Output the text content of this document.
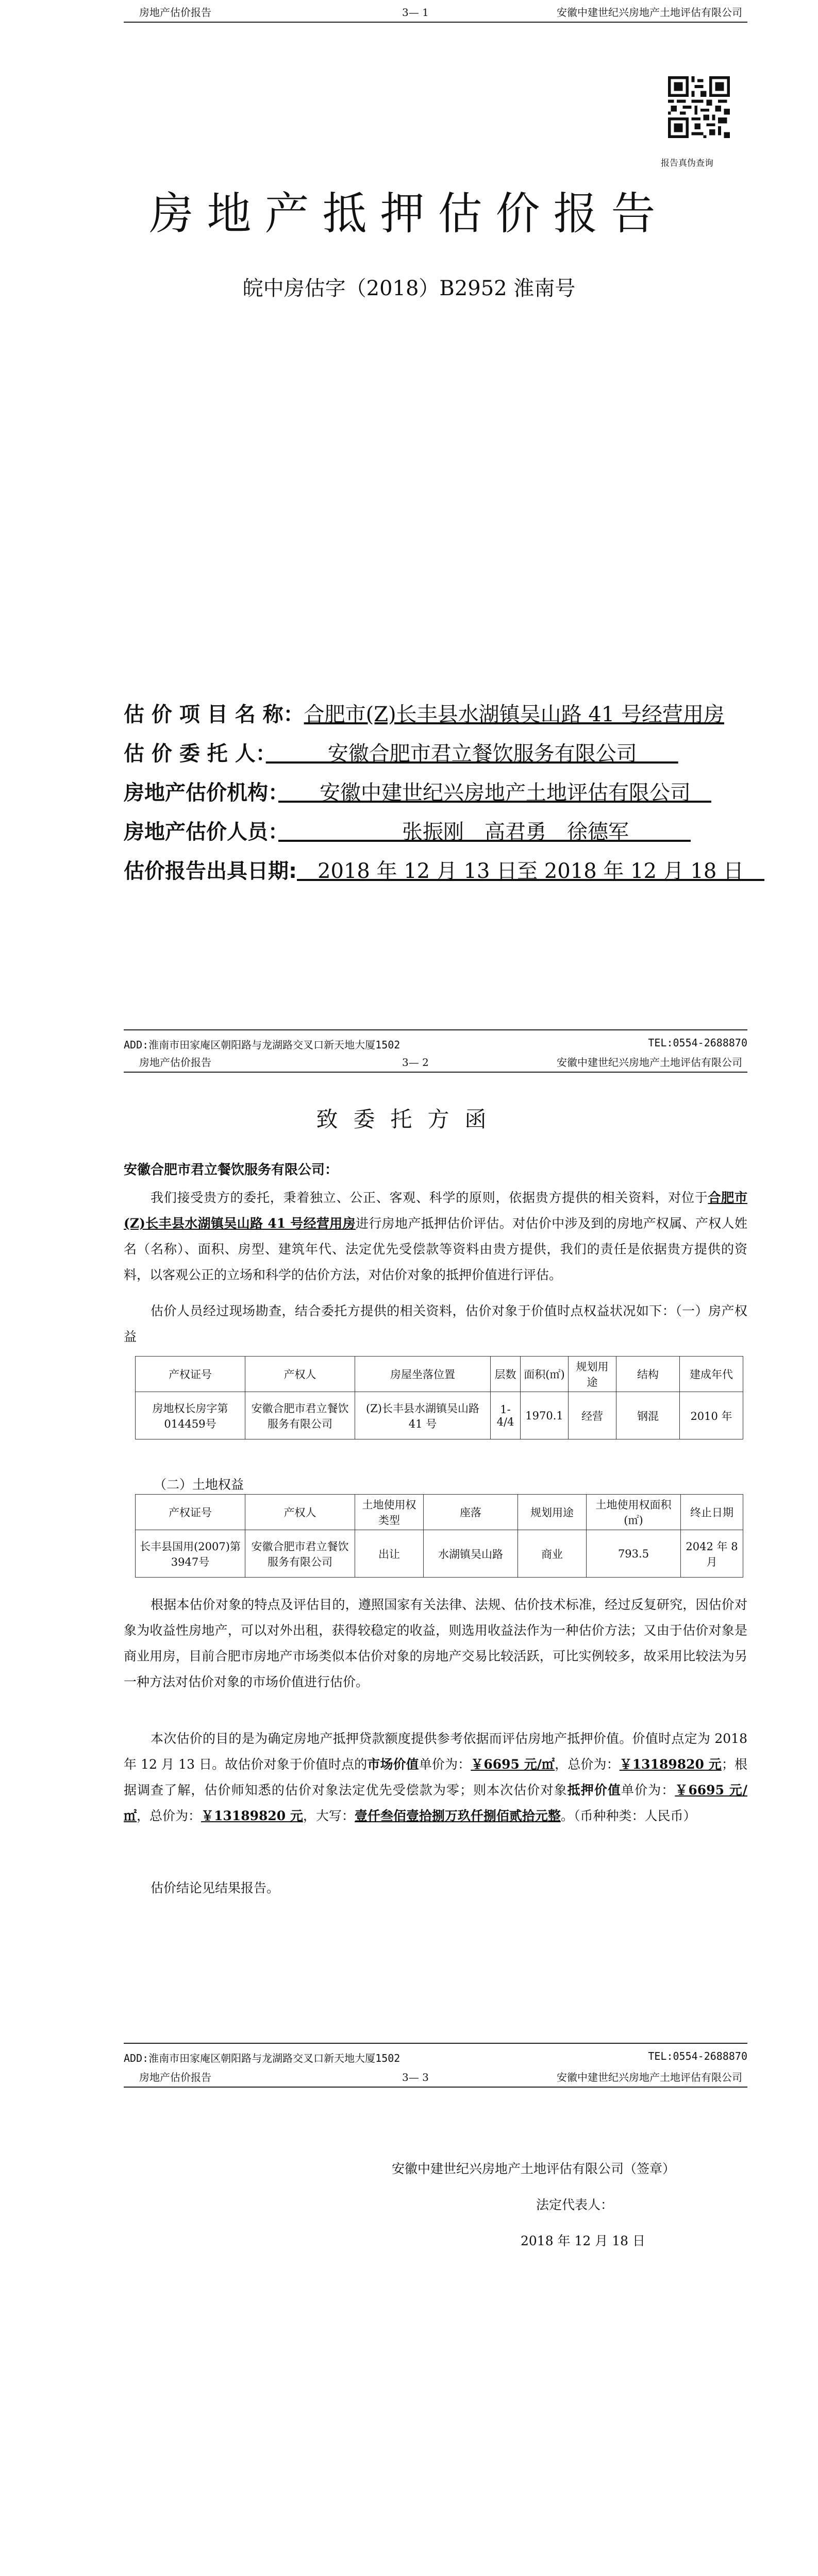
房地产估价报告	3— 1	安徽中建世纪兴房地产土地评估有限公司
报告真伪查询
房地产抵押估价报告
皖中房估字（2018）B2952 淮南号
估 价 项 目 名 称：合肥市(Z)长丰县水湖镇吴山路 41 号经营用房
估 价 委 托 人：　　　安徽合肥市君立餐饮服务有限公司　　
房地产估价机构：　　安徽中建世纪兴房地产土地评估有限公司　
房地产估价人员：　　　　　　张振刚　高君勇　徐德军　　　
估价报告出具日期:　2018 年 12 月 13 日至 2018 年 12 月 18 日　
ADD:淮南市田家庵区朝阳路与龙湖路交叉口新天地大厦1502	TEL:0554-2688870
房地产估价报告	3— 2	安徽中建世纪兴房地产土地评估有限公司
致委托方函
安徽合肥市君立餐饮服务有限公司：
我们接受贵方的委托，秉着独立、公正、客观、科学的原则，依据贵方提供的相关资料，对位于合肥市(Z)长丰县水湖镇吴山路 41 号经营用房进行房地产抵押估价评估。对估价中涉及到的房地产权属、产权人姓名（名称）、面积、房型、建筑年代、法定优先受偿款等资料由贵方提供，我们的责任是依据贵方提供的资料，以客观公正的立场和科学的估价方法，对估价对象的抵押价值进行评估。
估价人员经过现场勘查，结合委托方提供的相关资料，估价对象于价值时点权益状况如下：（一）房产权益
产权证号	产权人	房屋坐落位置	层数	面积(㎡)	规划用途	结构	建成年代
房地权长房字第014459号	安徽合肥市君立餐饮服务有限公司	(Z)长丰县水湖镇吴山路 41 号	1-4/4	1970.1	经营	钢混	2010 年
（二）土地权益
产权证号	产权人	土地使用权类型	座落	规划用途	土地使用权面积(㎡)	终止日期
长丰县国用(2007)第3947号	安徽合肥市君立餐饮服务有限公司	出让	水湖镇吴山路	商业	793.5	2042 年 8 月
根据本估价对象的特点及评估目的，遵照国家有关法律、法规、估价技术标准，经过反复研究，因估价对象为收益性房地产，可以对外出租，获得较稳定的收益，则选用收益法作为一种估价方法；又由于估价对象是商业用房，目前合肥市房地产市场类似本估价对象的房地产交易比较活跃，可比实例较多，故采用比较法为另一种方法对估价对象的市场价值进行估价。
本次估价的目的是为确定房地产抵押贷款额度提供参考依据而评估房地产抵押价值。价值时点定为 2018 年 12 月 13 日。故估价对象于价值时点的市场价值单价为：￥6695 元/㎡，总价为：￥13189820 元；根据调查了解，估价师知悉的估价对象法定优先受偿款为零；则本次估价对象抵押价值单价为：￥6695 元/㎡，总价为：￥13189820 元，大写：壹仟叁佰壹拾捌万玖仟捌佰贰拾元整。（币种种类：人民币）
估价结论见结果报告。
ADD:淮南市田家庵区朝阳路与龙湖路交叉口新天地大厦1502	TEL:0554-2688870
房地产估价报告	3— 3	安徽中建世纪兴房地产土地评估有限公司
安徽中建世纪兴房地产土地评估有限公司（签章）
法定代表人：
2018 年 12 月 18 日
